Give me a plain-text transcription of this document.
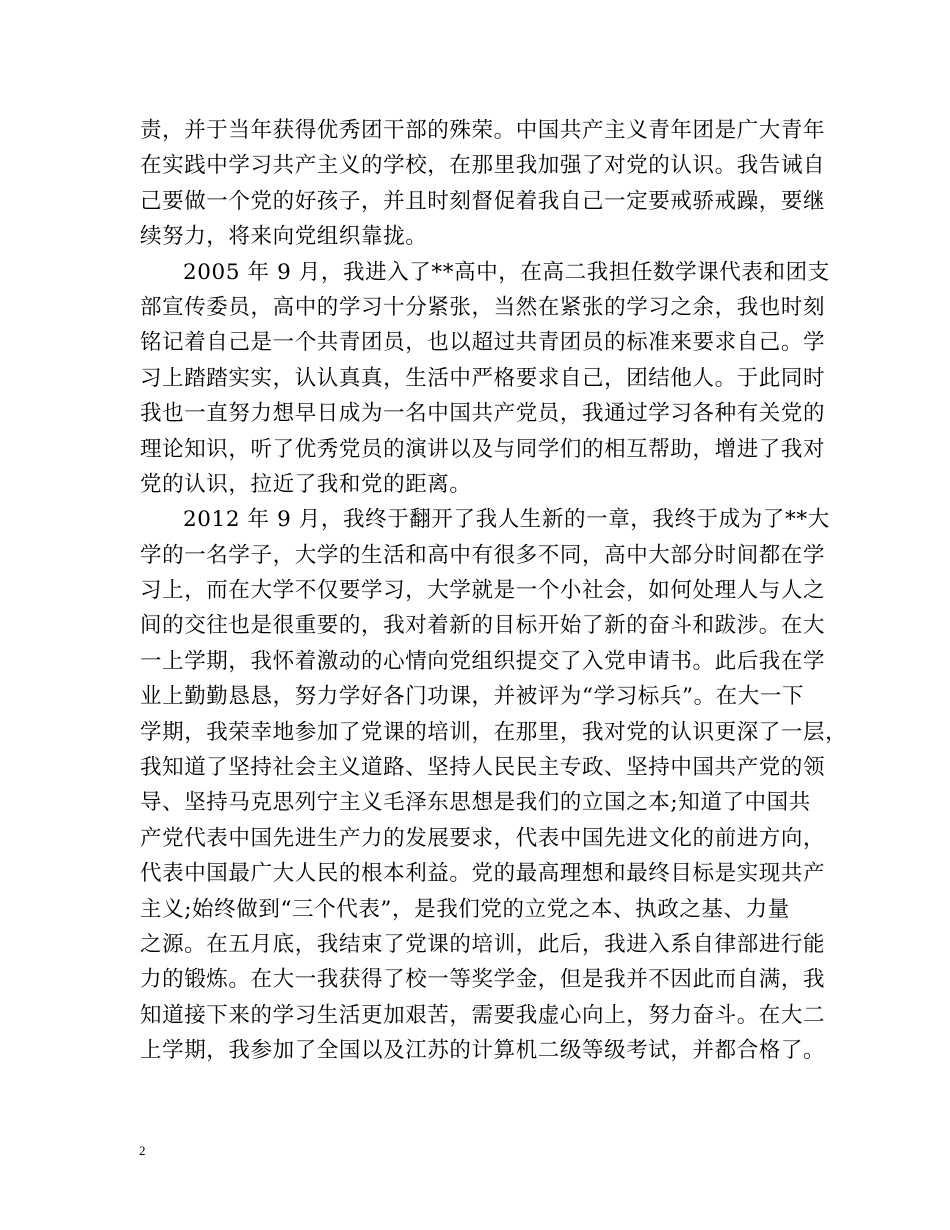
责，并于当年获得优秀团干部的殊荣。中国共产主义青年团是广大青年
在实践中学习共产主义的学校，在那里我加强了对党的认识。我告诫自
己要做一个党的好孩子，并且时刻督促着我自己一定要戒骄戒躁，要继
续努力，将来向党组织靠拢。

2005 年 9 月，我进入了**高中，在高二我担任数学课代表和团支
部宣传委员，高中的学习十分紧张，当然在紧张的学习之余，我也时刻
铭记着自己是一个共青团员，也以超过共青团员的标准来要求自己。学
习上踏踏实实，认认真真，生活中严格要求自己，团结他人。于此同时
我也一直努力想早日成为一名中国共产党员，我通过学习各种有关党的
理论知识，听了优秀党员的演讲以及与同学们的相互帮助，增进了我对
党的认识，拉近了我和党的距离。

2012 年 9 月，我终于翻开了我人生新的一章，我终于成为了**大
学的一名学子，大学的生活和高中有很多不同，高中大部分时间都在学
习上，而在大学不仅要学习，大学就是一个小社会，如何处理人与人之
间的交往也是很重要的，我对着新的目标开始了新的奋斗和跋涉。在大
一上学期，我怀着激动的心情向党组织提交了入党申请书。此后我在学
业上勤勤恳恳，努力学好各门功课，并被评为“学习标兵”。在大一下
学期，我荣幸地参加了党课的培训，在那里，我对党的认识更深了一层，
我知道了坚持社会主义道路、坚持人民民主专政、坚持中国共产党的领
导、坚持马克思列宁主义毛泽东思想是我们的立国之本;知道了中国共
产党代表中国先进生产力的发展要求，代表中国先进文化的前进方向，
代表中国最广大人民的根本利益。党的最高理想和最终目标是实现共产
主义;始终做到“三个代表”，是我们党的立党之本、执政之基、力量
之源。在五月底，我结束了党课的培训，此后，我进入系自律部进行能
力的锻炼。在大一我获得了校一等奖学金，但是我并不因此而自满，我
知道接下来的学习生活更加艰苦，需要我虚心向上，努力奋斗。在大二
上学期，我参加了全国以及江苏的计算机二级等级考试，并都合格了。

2
